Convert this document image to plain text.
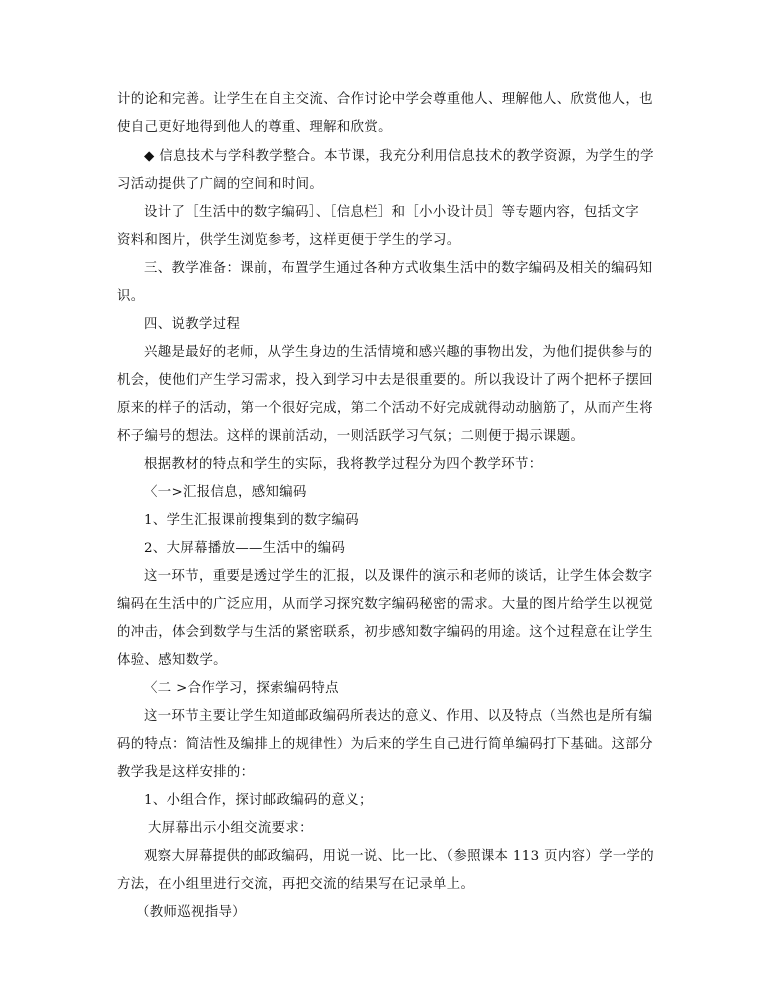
计的论和完善。让学生在自主交流、合作讨论中学会尊重他人、理解他人、欣赏他人，也
使自己更好地得到他人的尊重、理解和欣赏。
◆ 信息技术与学科教学整合。本节课，我充分利用信息技术的教学资源，为学生的学
习活动提供了广阔的空间和时间。
设计了［生活中的数字编码］、［信息栏］和［小小设计员］等专题内容，包括文字
资料和图片，供学生浏览参考，这样更便于学生的学习。
三、教学准备：课前，布置学生通过各种方式收集生活中的数字编码及相关的编码知
识。
四、说教学过程
兴趣是最好的老师，从学生身边的生活情境和感兴趣的事物出发，为他们提供参与的
机会，使他们产生学习需求，投入到学习中去是很重要的。所以我设计了两个把杯子摆回
原来的样子的活动，第一个很好完成，第二个活动不好完成就得动动脑筋了，从而产生将
杯子编号的想法。这样的课前活动，一则活跃学习气氛；二则便于揭示课题。
根据教材的特点和学生的实际，我将教学过程分为四个教学环节：
〈一>汇报信息，感知编码
1、学生汇报课前搜集到的数字编码
2、大屏幕播放——生活中的编码
这一环节，重要是透过学生的汇报，以及课件的演示和老师的谈话，让学生体会数字
编码在生活中的广泛应用，从而学习探究数字编码秘密的需求。大量的图片给学生以视觉
的冲击，体会到数学与生活的紧密联系，初步感知数字编码的用途。这个过程意在让学生
体验、感知数学。
〈二 >合作学习，探索编码特点
这一环节主要让学生知道邮政编码所表达的意义、作用、以及特点（当然也是所有编
码的特点：简洁性及编排上的规律性）为后来的学生自己进行简单编码打下基础。这部分
教学我是这样安排的：
1、小组合作，探讨邮政编码的意义；
大屏幕出示小组交流要求：
观察大屏幕提供的邮政编码，用说一说、比一比、（参照课本 113 页内容）学一学的
方法，在小组里进行交流，再把交流的结果写在记录单上。
（教师巡视指导）
